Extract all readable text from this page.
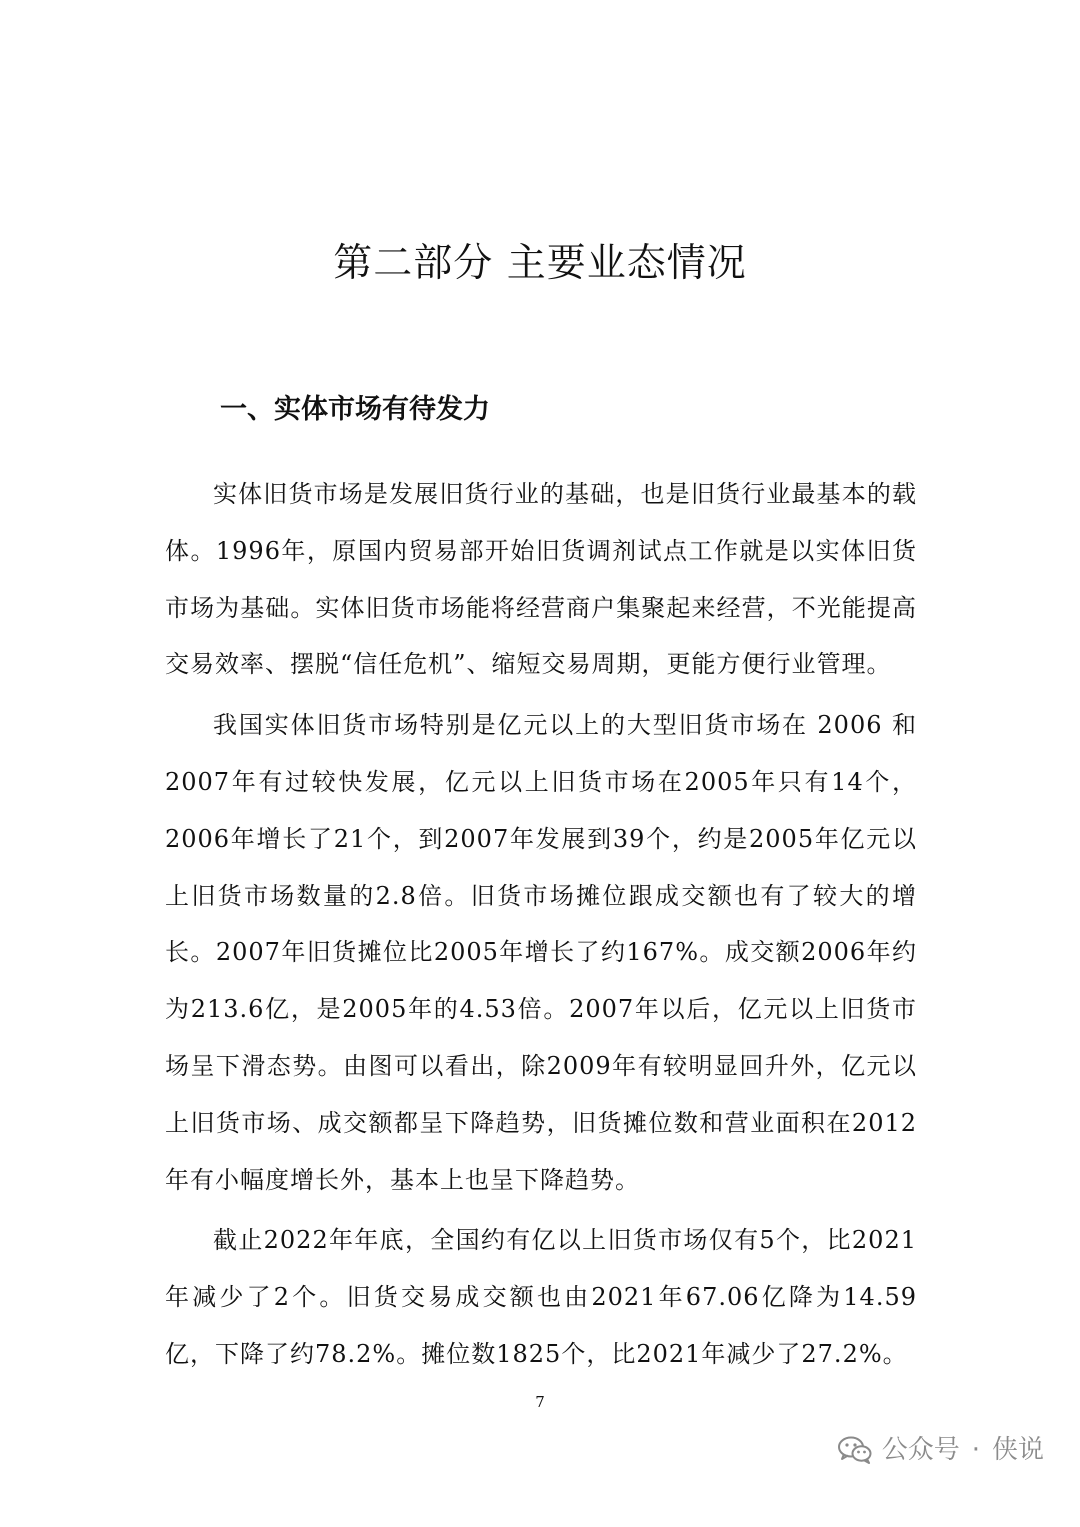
第二部分 主要业态情况
一、实体市场有待发力

实体旧货市场是发展旧货行业的基础，也是旧货行业最基本的载体。1996年，原国内贸易部开始旧货调剂试点工作就是以实体旧货市场为基础。实体旧货市场能将经营商户集聚起来经营，不光能提高交易效率、摆脱“信任危机”、缩短交易周期，更能方便行业管理。

我国实体旧货市场特别是亿元以上的大型旧货市场在 2006 和 2007年有过较快发展，亿元以上旧货市场在2005年只有14个，2006年增长了21个，到2007年发展到39个，约是2005年亿元以上旧货市场数量的2.8倍。旧货市场摊位跟成交额也有了较大的增长。2007年旧货摊位比2005年增长了约167%。成交额2006年约为213.6亿，是2005年的4.53倍。2007年以后，亿元以上旧货市场呈下滑态势。由图可以看出，除2009年有较明显回升外，亿元以上旧货市场、成交额都呈下降趋势，旧货摊位数和营业面积在2012年有小幅度增长外，基本上也呈下降趋势。

截止2022年年底，全国约有亿以上旧货市场仅有5个，比2021年减少了2个。旧货交易成交额也由2021年67.06亿降为14.59亿，下降了约78.2%。摊位数1825个，比2021年减少了27.2%。

7
公众号 · 侠说
